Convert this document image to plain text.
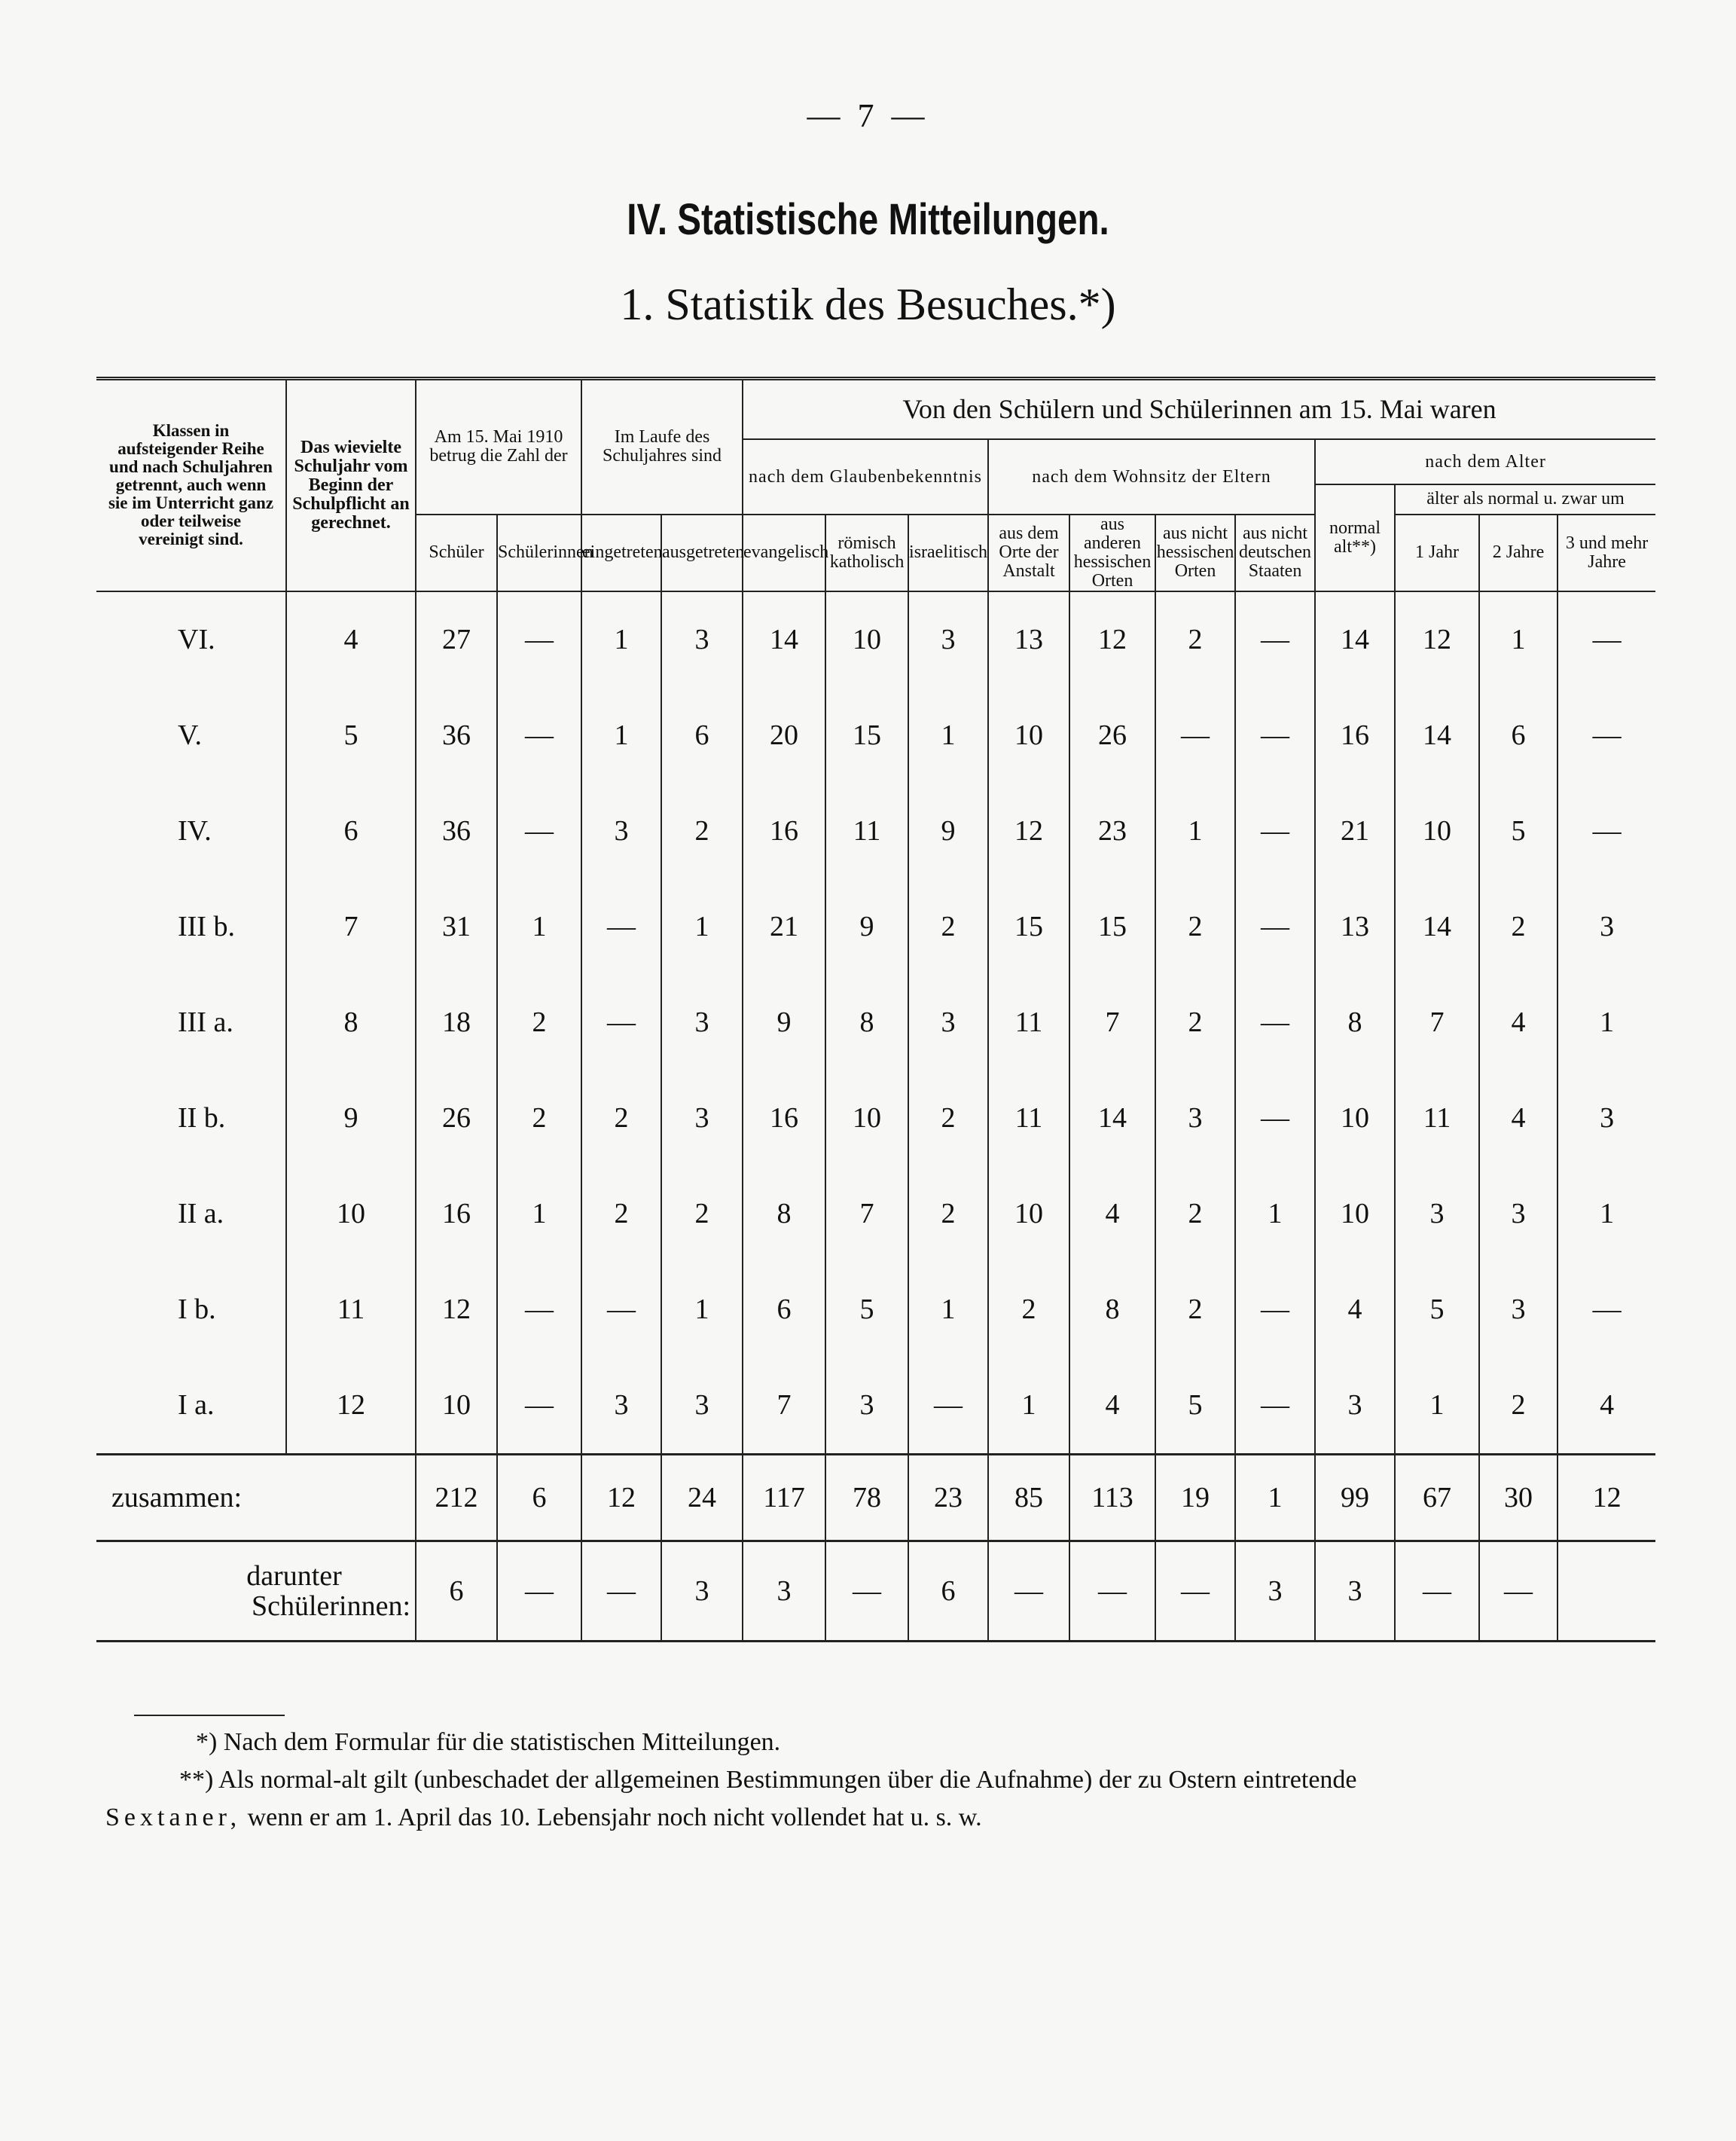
— 7 —
IV. Statistische Mitteilungen.
1. Statistik des Besuches.*)
Klassen in aufsteigender Reihe und nach Schuljahren getrennt, auch wenn sie im Unterricht ganz oder teilweise vereinigt sind.	Das wievielte Schuljahr vom Beginn der Schulpflicht an gerechnet.	Am 15. Mai 1910 betrug die Zahl der		Im Laufe des Schuljahres sind		Von den Schülern und Schülerinnen am 15. Mai waren										
						nach dem Glaubenbekenntnis			nach dem Wohnsitz der Eltern				nach dem Alter			
													normal alt**)	älter als normal u. zwar um		
		Schüler	Schülerinnen	eingetreten	ausgetreten	evangelisch	römisch katholisch	israelitisch	aus dem Orte der Anstalt	aus anderen hessischen Orten	aus nicht hessischen Orten	aus nicht deutschen Staaten		1 Jahr	2 Jahre	3 und mehr Jahre

VI.	4	27	—	1	3	14	10	3	13	12	2	—	14	12	1	—
V.	5	36	—	1	6	20	15	1	10	26	—	—	16	14	6	—
IV.	6	36	—	3	2	16	11	9	12	23	1	—	21	10	5	—
III b.	7	31	1	—	1	21	9	2	15	15	2	—	13	14	2	3
III a.	8	18	2	—	3	9	8	3	11	7	2	—	8	7	4	1
II b.	9	26	2	2	3	16	10	2	11	14	3	—	10	11	4	3
II a.	10	16	1	2	2	8	7	2	10	4	2	1	10	3	3	1
I b.	11	12	—	—	1	6	5	1	2	8	2	—	4	5	3	—
I a.	12	10	—	3	3	7	3	—	1	4	5	—	3	1	2	4
zusammen:		212	6	12	24	117	78	23	85	113	19	1	99	67	30	12

darunter
Schülerinnen:		6	—	—	3	3	—	6	—	—	—	3	3	—	—	
*) Nach dem Formular für die statistischen Mitteilungen.
**) Als normal-alt gilt (unbeschadet der allgemeinen Bestimmungen über die Aufnahme) der zu Ostern eintretende
Sextaner, wenn er am 1. April das 10. Lebensjahr noch nicht vollendet hat u. s. w.
